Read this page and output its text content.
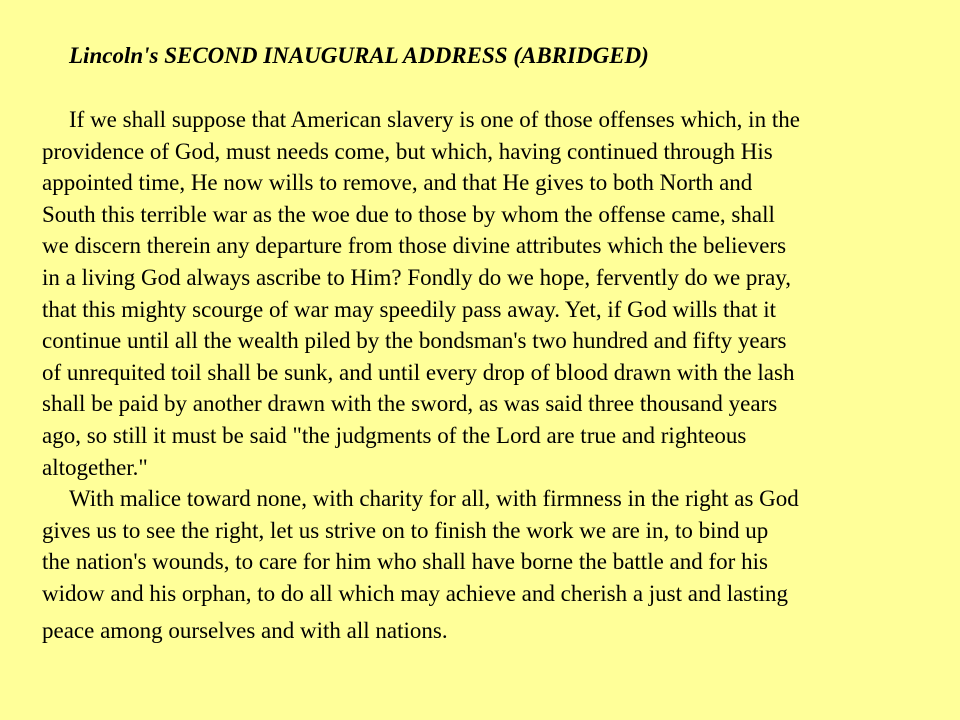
Lincoln's SECOND INAUGURAL ADDRESS (ABRIDGED)
If we shall suppose that American slavery is one of those offenses which, in the
providence of God, must needs come, but which, having continued through His
appointed time, He now wills to remove, and that He gives to both North and
South this terrible war as the woe due to those by whom the offense came, shall
we discern therein any departure from those divine attributes which the believers
in a living God always ascribe to Him? Fondly do we hope, fervently do we pray,
that this mighty scourge of war may speedily pass away. Yet, if God wills that it
continue until all the wealth piled by the bondsman's two hundred and fifty years
of unrequited toil shall be sunk, and until every drop of blood drawn with the lash
shall be paid by another drawn with the sword, as was said three thousand years
ago, so still it must be said "the judgments of the Lord are true and righteous
altogether."
With malice toward none, with charity for all, with firmness in the right as God
gives us to see the right, let us strive on to finish the work we are in, to bind up
the nation's wounds, to care for him who shall have borne the battle and for his
widow and his orphan, to do all which may achieve and cherish a just and lasting
peace among ourselves and with all nations.
